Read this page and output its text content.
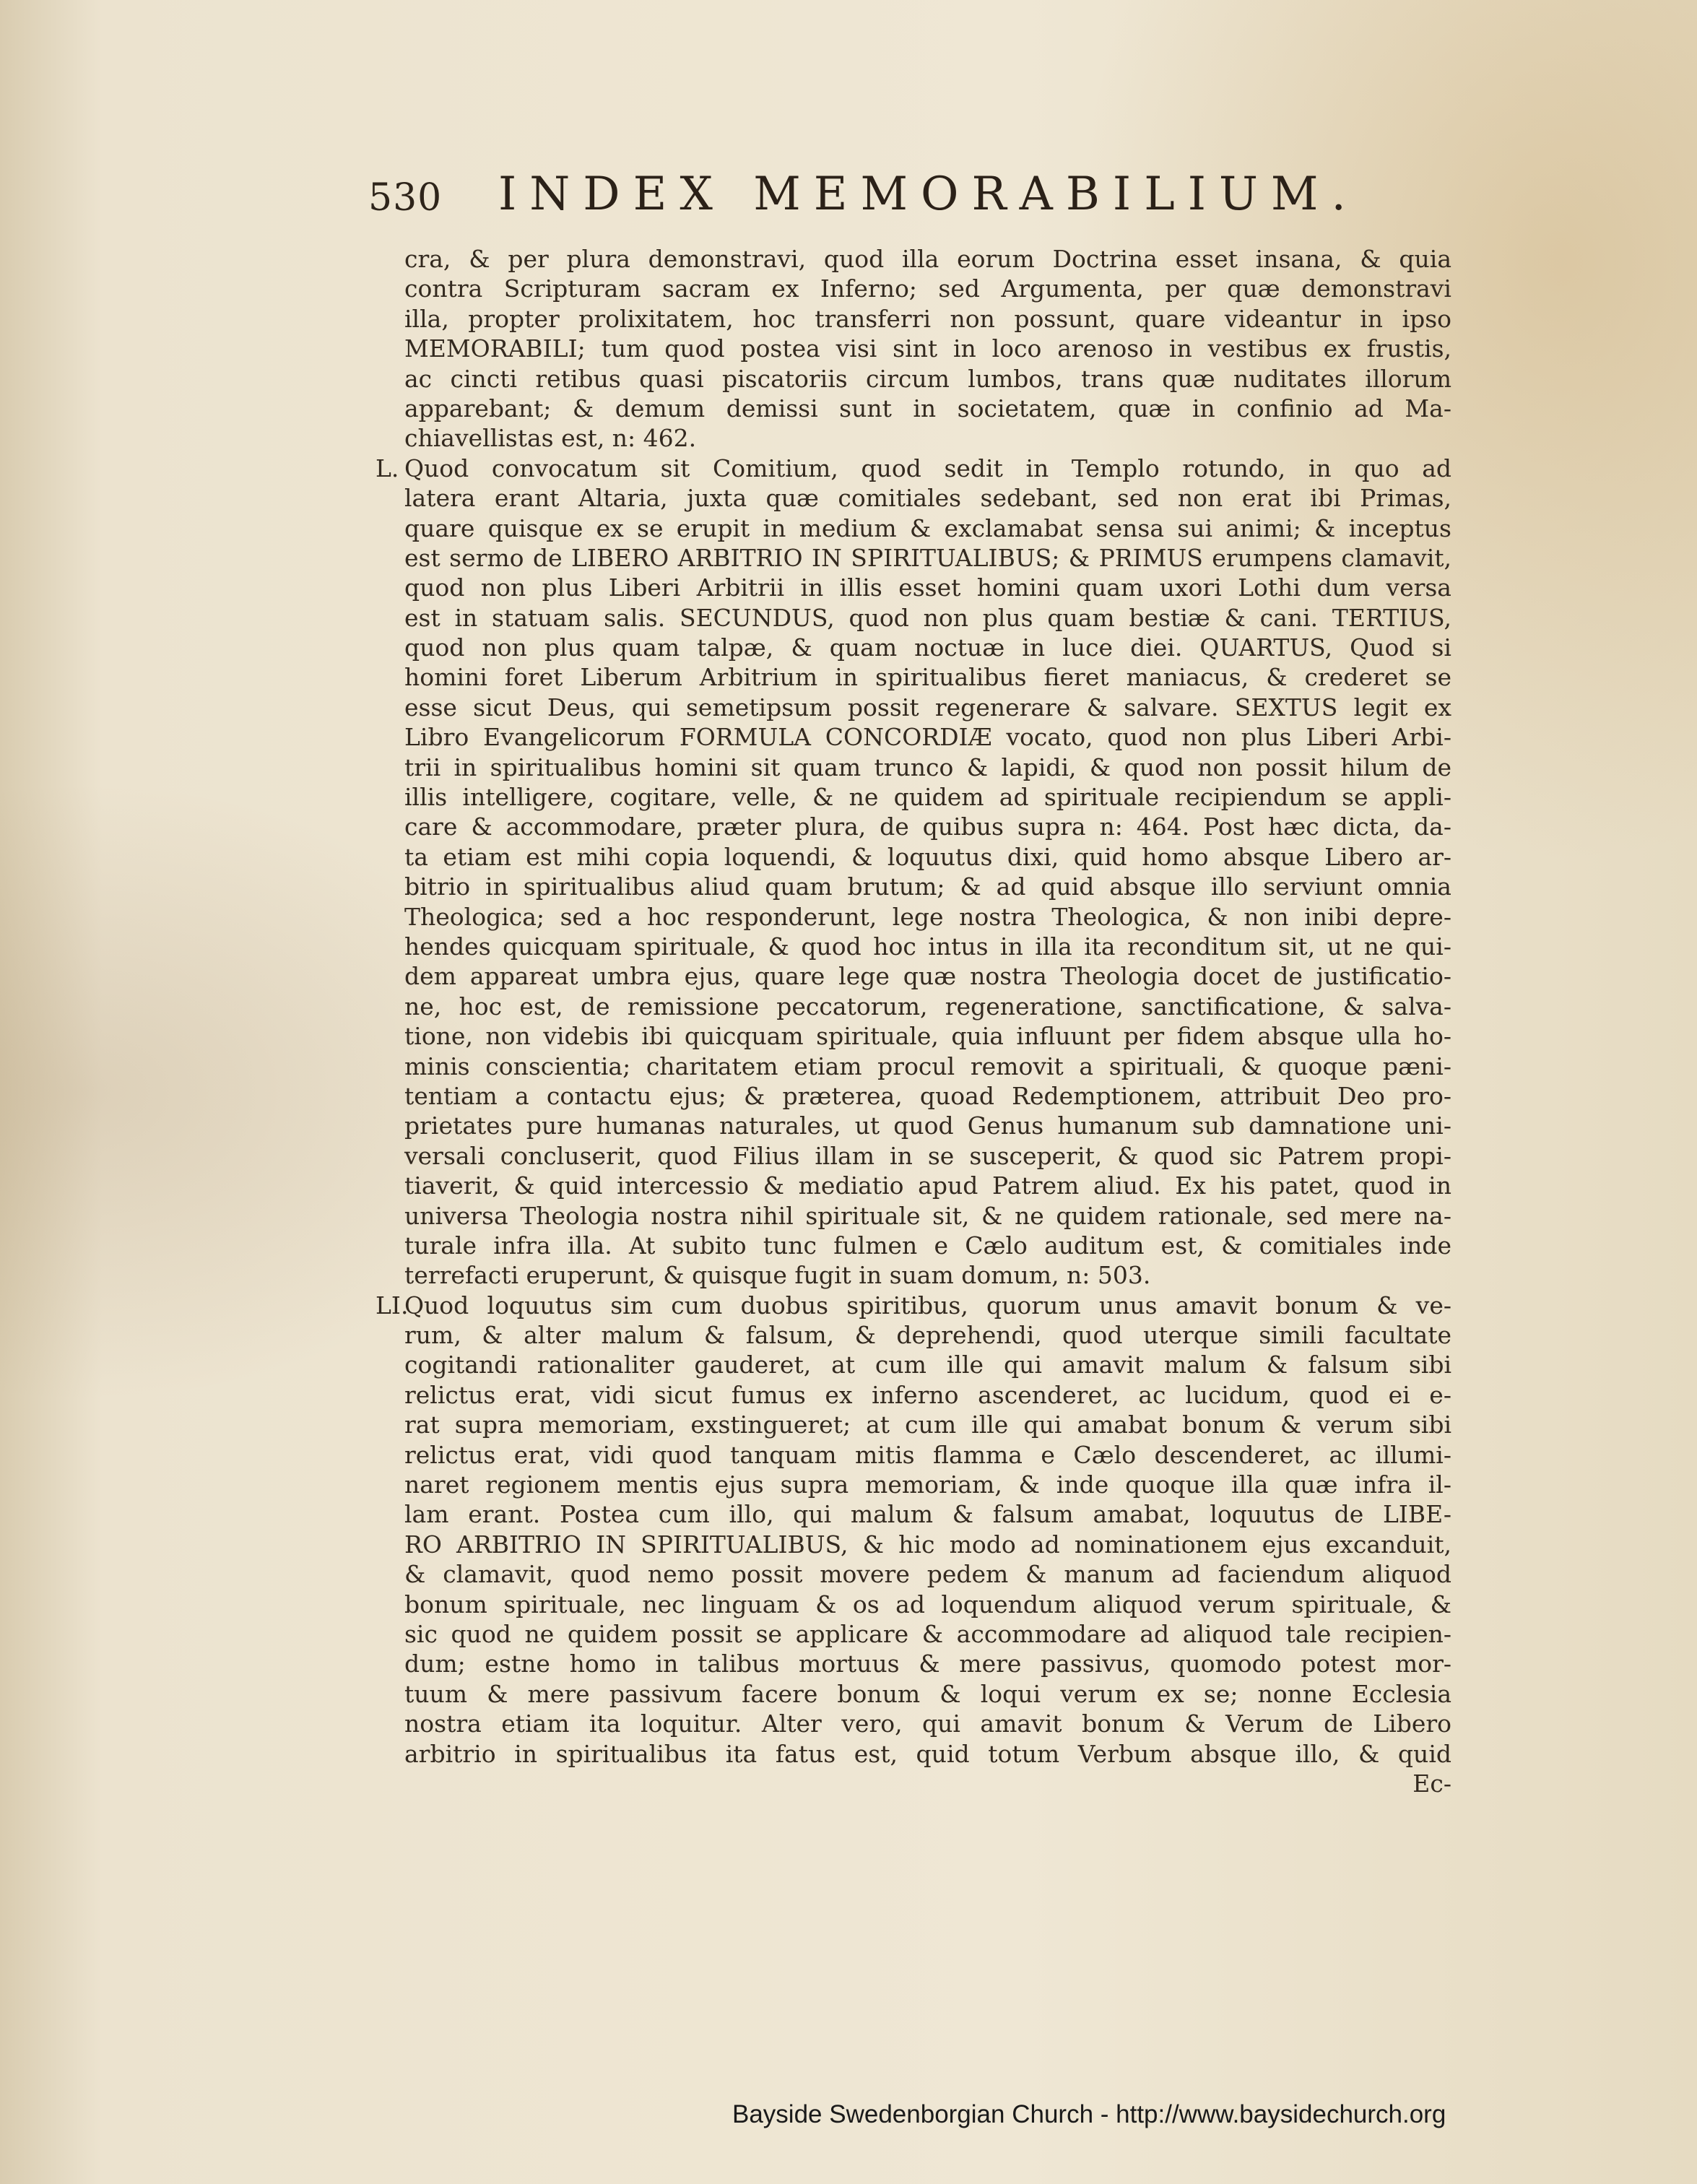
530 INDEX MEMORABILIUM.
cra, & per plura demonstravi, quod illa eorum Doctrina esset insana, & quia
contra Scripturam sacram ex Inferno; sed Argumenta, per quæ demonstravi
illa, propter prolixitatem, hoc transferri non possunt, quare videantur in ipso
MEMORABILI; tum quod postea visi sint in loco arenoso in vestibus ex frustis,
ac cincti retibus quasi piscatoriis circum lumbos, trans quæ nuditates illorum
apparebant; & demum demissi sunt in societatem, quæ in confinio ad Ma-
chiavellistas est, n: 462.
L. Quod convocatum sit Comitium, quod sedit in Templo rotundo, in quo ad
latera erant Altaria, juxta quæ comitiales sedebant, sed non erat ibi Primas,
quare quisque ex se erupit in medium & exclamabat sensa sui animi; & inceptus
est sermo de LIBERO ARBITRIO IN SPIRITUALIBUS; & PRIMUS erumpens clamavit,
quod non plus Liberi Arbitrii in illis esset homini quam uxori Lothi dum versa
est in statuam salis. SECUNDUS, quod non plus quam bestiæ & cani. TERTIUS,
quod non plus quam talpæ, & quam noctuæ in luce diei. QUARTUS, Quod si
homini foret Liberum Arbitrium in spiritualibus fieret maniacus, & crederet se
esse sicut Deus, qui semetipsum possit regenerare & salvare. SEXTUS legit ex
Libro Evangelicorum FORMULA CONCORDIÆ vocato, quod non plus Liberi Arbi-
trii in spiritualibus homini sit quam trunco & lapidi, & quod non possit hilum de
illis intelligere, cogitare, velle, & ne quidem ad spirituale recipiendum se appli-
care & accommodare, præter plura, de quibus supra n: 464. Post hæc dicta, da-
ta etiam est mihi copia loquendi, & loquutus dixi, quid homo absque Libero ar-
bitrio in spiritualibus aliud quam brutum; & ad quid absque illo serviunt omnia
Theologica; sed a hoc responderunt, lege nostra Theologica, & non inibi depre-
hendes quicquam spirituale, & quod hoc intus in illa ita reconditum sit, ut ne qui-
dem appareat umbra ejus, quare lege quæ nostra Theologia docet de justificatio-
ne, hoc est, de remissione peccatorum, regeneratione, sanctificatione, & salva-
tione, non videbis ibi quicquam spirituale, quia influunt per fidem absque ulla ho-
minis conscientia; charitatem etiam procul removit a spirituali, & quoque pæni-
tentiam a contactu ejus; & præterea, quoad Redemptionem, attribuit Deo pro-
prietates pure humanas naturales, ut quod Genus humanum sub damnatione uni-
versali concluserit, quod Filius illam in se susceperit, & quod sic Patrem propi-
tiaverit, & quid intercessio & mediatio apud Patrem aliud. Ex his patet, quod in
universa Theologia nostra nihil spirituale sit, & ne quidem rationale, sed mere na-
turale infra illa. At subito tunc fulmen e Cælo auditum est, & comitiales inde
terrefacti eruperunt, & quisque fugit in suam domum, n: 503.
LI.Quod loquutus sim cum duobus spiritibus, quorum unus amavit bonum & ve-
rum, & alter malum & falsum, & deprehendi, quod uterque simili facultate
cogitandi rationaliter gauderet, at cum ille qui amavit malum & falsum sibi
relictus erat, vidi sicut fumus ex inferno ascenderet, ac lucidum, quod ei e-
rat supra memoriam, exstingueret; at cum ille qui amabat bonum & verum sibi
relictus erat, vidi quod tanquam mitis flamma e Cælo descenderet, ac illumi-
naret regionem mentis ejus supra memoriam, & inde quoque illa quæ infra il-
lam erant. Postea cum illo, qui malum & falsum amabat, loquutus de LIBE-
RO ARBITRIO IN SPIRITUALIBUS, & hic modo ad nominationem ejus excanduit,
& clamavit, quod nemo possit movere pedem & manum ad faciendum aliquod
bonum spirituale, nec linguam & os ad loquendum aliquod verum spirituale, &
sic quod ne quidem possit se applicare & accommodare ad aliquod tale recipien-
dum; estne homo in talibus mortuus & mere passivus, quomodo potest mor-
tuum & mere passivum facere bonum & loqui verum ex se; nonne Ecclesia
nostra etiam ita loquitur. Alter vero, qui amavit bonum & Verum de Libero
arbitrio in spiritualibus ita fatus est, quid totum Verbum absque illo, & quid
Ec-
Bayside Swedenborgian Church - http://www.baysidechurch.org
